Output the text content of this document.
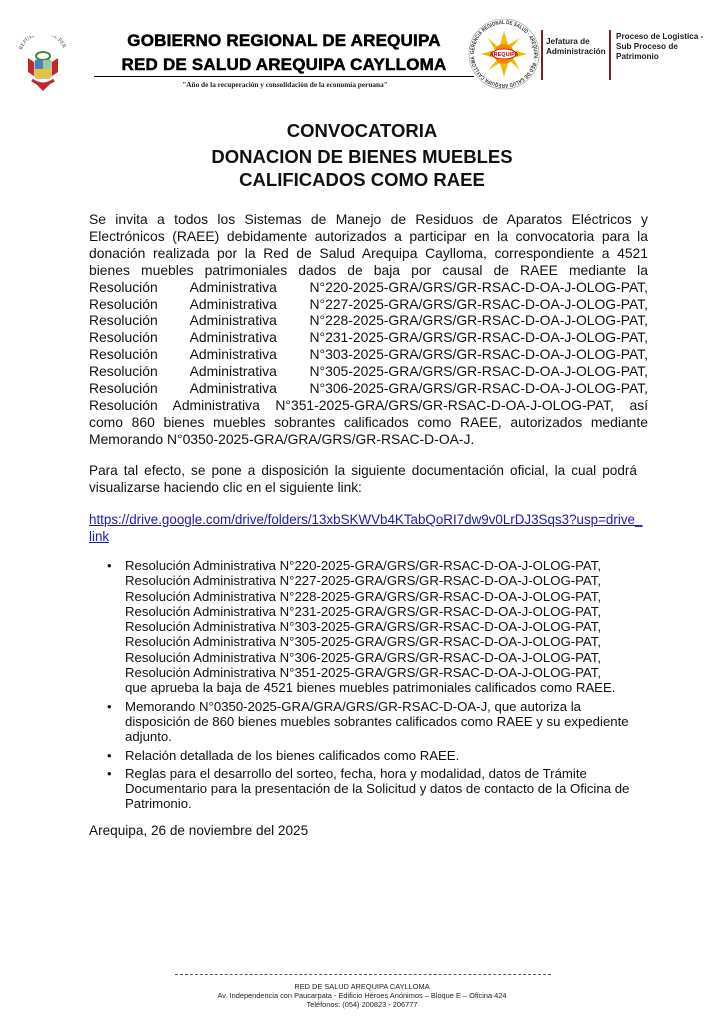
REPUB L PER	GOBIERNO REGIONAL DE AREQUIPA
RED DE SALUD AREQUIPA CAYLLOMA
"Año de la recuperación y consolidación de la economía peruana"
GERENCIA REGIONAL DE SALUD · AREQUIPA · RED DE SALUD AREQUIPA CAYLLOMA	AREQUIPA
Jefatura de
Administración
Proceso de Logistica -
Sub Proceso de
Patrimonio
CONVOCATORIA
DONACION DE BIENES MUEBLES
CALIFICADOS COMO RAEE
Se invita a todos los Sistemas de Manejo de Residuos de Aparatos Eléctricos y
Electrónicos (RAEE) debidamente autorizados a participar en la convocatoria para la
donación realizada por la Red de Salud Arequipa Caylloma, correspondiente a 4521
bienes muebles patrimoniales dados de baja por causal de RAEE mediante la
Resolución Administrativa N°220-2025-GRA/GRS/GR-RSAC-D-OA-J-OLOG-PAT,
Resolución Administrativa N°227-2025-GRA/GRS/GR-RSAC-D-OA-J-OLOG-PAT,
Resolución Administrativa N°228-2025-GRA/GRS/GR-RSAC-D-OA-J-OLOG-PAT,
Resolución Administrativa N°231-2025-GRA/GRS/GR-RSAC-D-OA-J-OLOG-PAT,
Resolución Administrativa N°303-2025-GRA/GRS/GR-RSAC-D-OA-J-OLOG-PAT,
Resolución Administrativa N°305-2025-GRA/GRS/GR-RSAC-D-OA-J-OLOG-PAT,
Resolución Administrativa N°306-2025-GRA/GRS/GR-RSAC-D-OA-J-OLOG-PAT,
Resolución Administrativa N°351-2025-GRA/GRS/GR-RSAC-D-OA-J-OLOG-PAT, así
como 860 bienes muebles sobrantes calificados como RAEE, autorizados mediante
Memorando N°0350-2025-GRA/GRA/GRS/GR-RSAC-D-OA-J.
Para tal efecto, se pone a disposición la siguiente documentación oficial, la cual podrá
visualizarse haciendo clic en el siguiente link:
https://drive.google.com/drive/folders/13xbSKWVb4KTabQoRI7dw9v0LrDJ3Sqs3?usp=drive_link
• Resolución Administrativa N°220-2025-GRA/GRS/GR-RSAC-D-OA-J-OLOG-PAT,
Resolución Administrativa N°227-2025-GRA/GRS/GR-RSAC-D-OA-J-OLOG-PAT,
Resolución Administrativa N°228-2025-GRA/GRS/GR-RSAC-D-OA-J-OLOG-PAT,
Resolución Administrativa N°231-2025-GRA/GRS/GR-RSAC-D-OA-J-OLOG-PAT,
Resolución Administrativa N°303-2025-GRA/GRS/GR-RSAC-D-OA-J-OLOG-PAT,
Resolución Administrativa N°305-2025-GRA/GRS/GR-RSAC-D-OA-J-OLOG-PAT,
Resolución Administrativa N°306-2025-GRA/GRS/GR-RSAC-D-OA-J-OLOG-PAT,
Resolución Administrativa N°351-2025-GRA/GRS/GR-RSAC-D-OA-J-OLOG-PAT,
que aprueba la baja de 4521 bienes muebles patrimoniales calificados como RAEE.
• Memorando N°0350-2025-GRA/GRA/GRS/GR-RSAC-D-OA-J, que autoriza la disposición de 860 bienes muebles sobrantes calificados como RAEE y su expediente adjunto.
• Relación detallada de los bienes calificados como RAEE.
• Reglas para el desarrollo del sorteo, fecha, hora y modalidad, datos de Trámite Documentario para la presentación de la Solicitud y datos de contacto de la Oficina de Patrimonio.
Arequipa, 26 de noviembre del 2025
RED DE SALUD AREQUIPA CAYLLOMA
Av. Independencia con Paucarpata - Edificio Héroes Anónimos – Bloque E – Oficina 424
Teléfonos: (054) 200823 - 206777
